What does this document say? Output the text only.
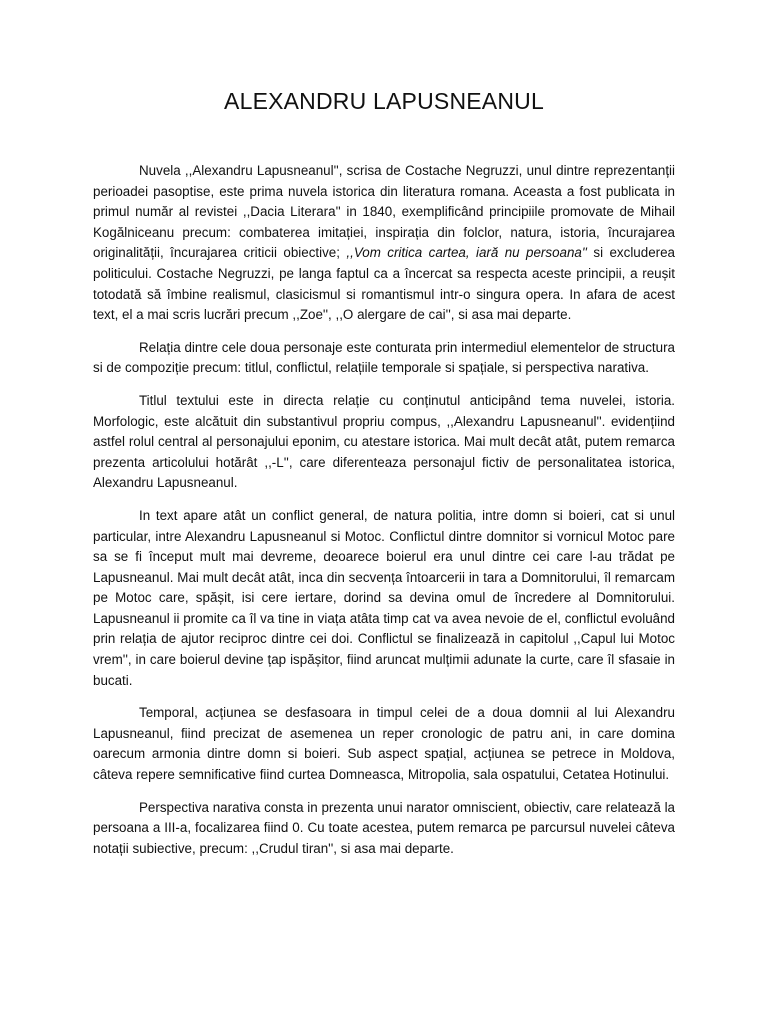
ALEXANDRU LAPUSNEANUL

Nuvela ,,Alexandru Lapusneanul'', scrisa de Costache Negruzzi, unul dintre reprezentanții perioadei pasoptise, este prima nuvela istorica din literatura romana. Aceasta a fost publicata in primul număr al revistei ,,Dacia Literara'' in 1840, exemplificând principiile promovate de Mihail Kogălniceanu precum: combaterea imitației, inspirația din folclor, natura, istoria, încurajarea originalității, încurajarea criticii obiective; ,,Vom critica cartea, iară nu persoana'' si excluderea politicului. Costache Negruzzi, pe langa faptul ca a încercat sa respecta aceste principii, a reușit totodată să îmbine realismul, clasicismul si romantismul intr-o singura opera. In afara de acest text, el a mai scris lucrări precum ,,Zoe'', ,,O alergare de cai'', si asa mai departe.

Relația dintre cele doua personaje este conturata prin intermediul elementelor de structura si de compoziție precum: titlul, conflictul, relațiile temporale si spațiale, si perspectiva narativa.

Titlul textului este in directa relație cu conținutul anticipând tema nuvelei, istoria. Morfologic, este alcătuit din substantivul propriu compus, ,,Alexandru Lapusneanul''. evidențiind astfel rolul central al personajului eponim, cu atestare istorica. Mai mult decât atât, putem remarca prezenta articolului hotărât ,,-L'', care diferenteaza personajul fictiv de personalitatea istorica, Alexandru Lapusneanul.

In text apare atât un conflict general, de natura politia, intre domn si boieri, cat si unul particular, intre Alexandru Lapusneanul si Motoc. Conflictul dintre domnitor si vornicul Motoc pare sa se fi început mult mai devreme, deoarece boierul era unul dintre cei care l-au trădat pe Lapusneanul. Mai mult decât atât, inca din secvența întoarcerii in tara a Domnitorului, îl remarcam pe Motoc care, spășit, isi cere iertare, dorind sa devina omul de încredere al Domnitorului. Lapusneanul ii promite ca îl va tine in viața atâta timp cat va avea nevoie de el, conflictul evoluând prin relația de ajutor reciproc dintre cei doi. Conflictul se finalizează in capitolul ,,Capul lui Motoc vrem'', in care boierul devine țap ispășitor, fiind aruncat mulțimii adunate la curte, care îl sfasaie in bucati.

Temporal, acțiunea se desfasoara in timpul celei de a doua domnii al lui Alexandru Lapusneanul, fiind precizat de asemenea un reper cronologic de patru ani, in care domina oarecum armonia dintre domn si boieri. Sub aspect spațial, acțiunea se petrece in Moldova, câteva repere semnificative fiind curtea Domneasca, Mitropolia, sala ospatului, Cetatea Hotinului.

Perspectiva narativa consta in prezenta unui narator omniscient, obiectiv, care relatează la persoana a III-a, focalizarea fiind 0. Cu toate acestea, putem remarca pe parcursul nuvelei câteva notații subiective, precum: ,,Crudul tiran'', si asa mai departe.
